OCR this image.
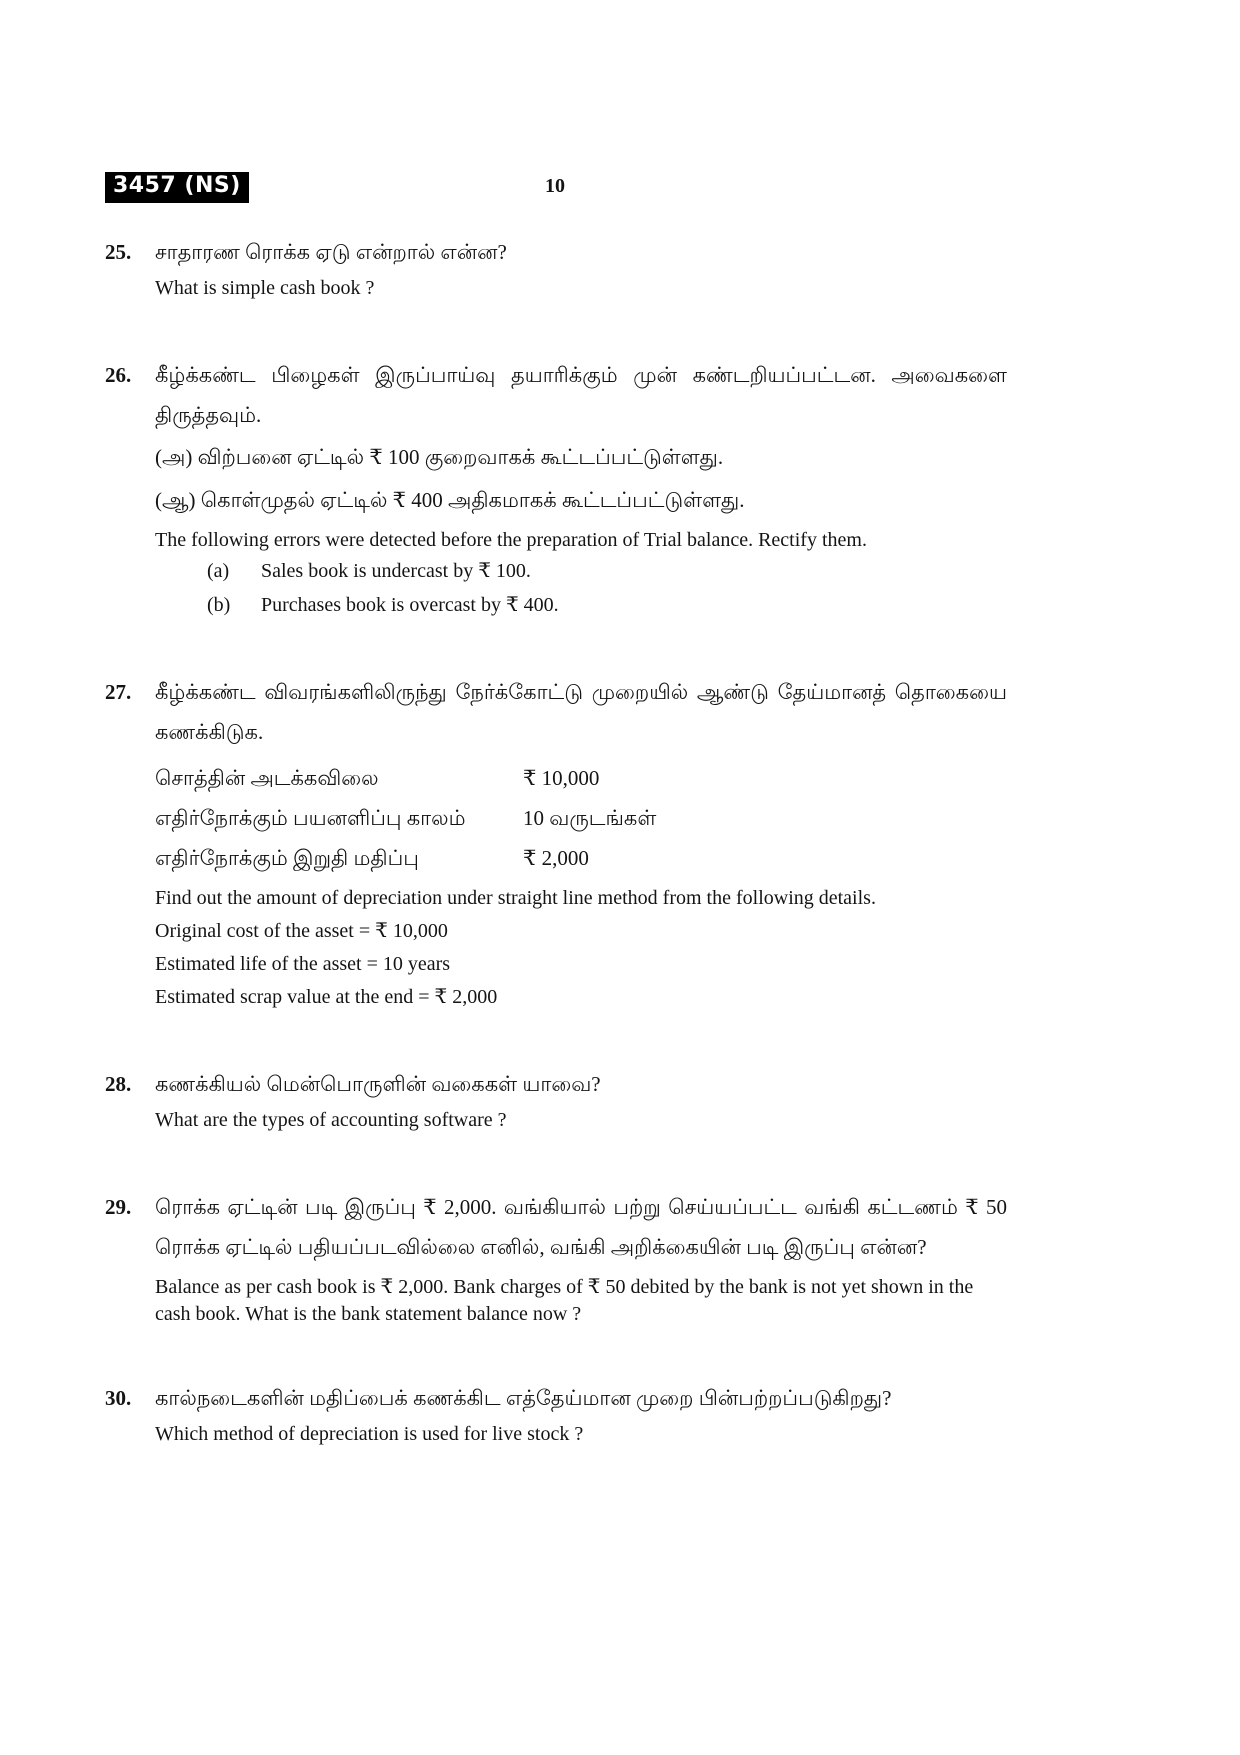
3457 (NS)	10
25.	சாதாரண ரொக்க ஏடு என்றால் என்ன?

What is simple cash book ?

26.	கீழ்க்கண்ட பிழைகள் இருப்பாய்வு தயாரிக்கும் முன் கண்டறியப்பட்டன. அவைகளை திருத்தவும்.

(அ) விற்பனை ஏட்டில் ₹ 100 குறைவாகக் கூட்டப்பட்டுள்ளது.

(ஆ) கொள்முதல் ஏட்டில் ₹ 400 அதிகமாகக் கூட்டப்பட்டுள்ளது.

The following errors were detected before the preparation of Trial balance. Rectify them.

(a)	Sales book is undercast by ₹ 100.
(b)	Purchases book is overcast by ₹ 400.
27.	கீழ்க்கண்ட விவரங்களிலிருந்து நேர்க்கோட்டு முறையில் ஆண்டு தேய்மானத் தொகையை கணக்கிடுக.

சொத்தின் அடக்கவிலை	₹ 10,000
எதிர்நோக்கும் பயனளிப்பு காலம்	10 வருடங்கள்
எதிர்நோக்கும் இறுதி மதிப்பு	₹ 2,000

Find out the amount of depreciation under straight line method from the following details.

Original cost of the asset = ₹ 10,000

Estimated life of the asset = 10 years

Estimated scrap value at the end = ₹ 2,000

28.	கணக்கியல் மென்பொருளின் வகைகள் யாவை?

What are the types of accounting software ?

29.	ரொக்க ஏட்டின் படி இருப்பு ₹ 2,000. வங்கியால் பற்று செய்யப்பட்ட வங்கி கட்டணம் ₹ 50 ரொக்க ஏட்டில் பதியப்படவில்லை எனில், வங்கி அறிக்கையின் படி இருப்பு என்ன?

Balance as per cash book is ₹ 2,000. Bank charges of ₹ 50 debited by the bank is not yet shown in the cash book. What is the bank statement balance now ?

30.	கால்நடைகளின் மதிப்பைக் கணக்கிட எத்தேய்மான முறை பின்பற்றப்படுகிறது?

Which method of depreciation is used for live stock ?
